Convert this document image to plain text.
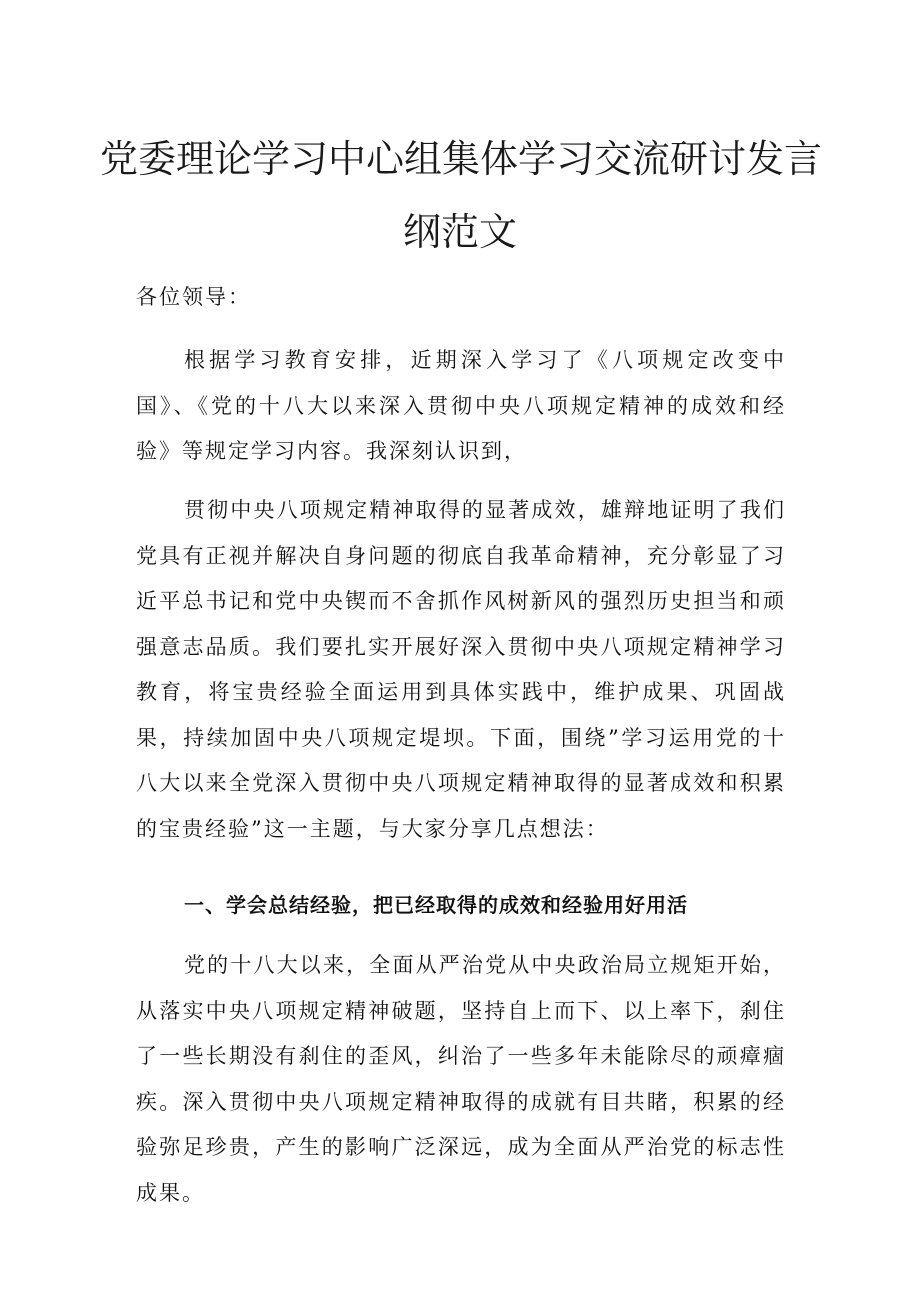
党委理论学习中心组集体学习交流研讨发言
纲范文
各位领导：

根据学习教育安排，近期深入学习了《八项规定改变中国》、《党的十八大以来深入贯彻中央八项规定精神的成效和经验》等规定学习内容。我深刻认识到，

贯彻中央八项规定精神取得的显著成效，雄辩地证明了我们党具有正视并解决自身问题的彻底自我革命精神，充分彰显了习近平总书记和党中央锲而不舍抓作风树新风的强烈历史担当和顽强意志品质。我们要扎实开展好深入贯彻中央八项规定精神学习教育，将宝贵经验全面运用到具体实践中，维护成果、巩固战果，持续加固中央八项规定堤坝。下面，围绕”学习运用党的十八大以来全党深入贯彻中央八项规定精神取得的显著成效和积累的宝贵经验”这一主题，与大家分享几点想法：

一、学会总结经验，把已经取得的成效和经验用好用活

党的十八大以来，全面从严治党从中央政治局立规矩开始，从落实中央八项规定精神破题，坚持自上而下、以上率下，刹住了一些长期没有刹住的歪风，纠治了一些多年未能除尽的顽瘴痼疾。深入贯彻中央八项规定精神取得的成就有目共睹，积累的经验弥足珍贵，产生的影响广泛深远，成为全面从严治党的标志性成果。
